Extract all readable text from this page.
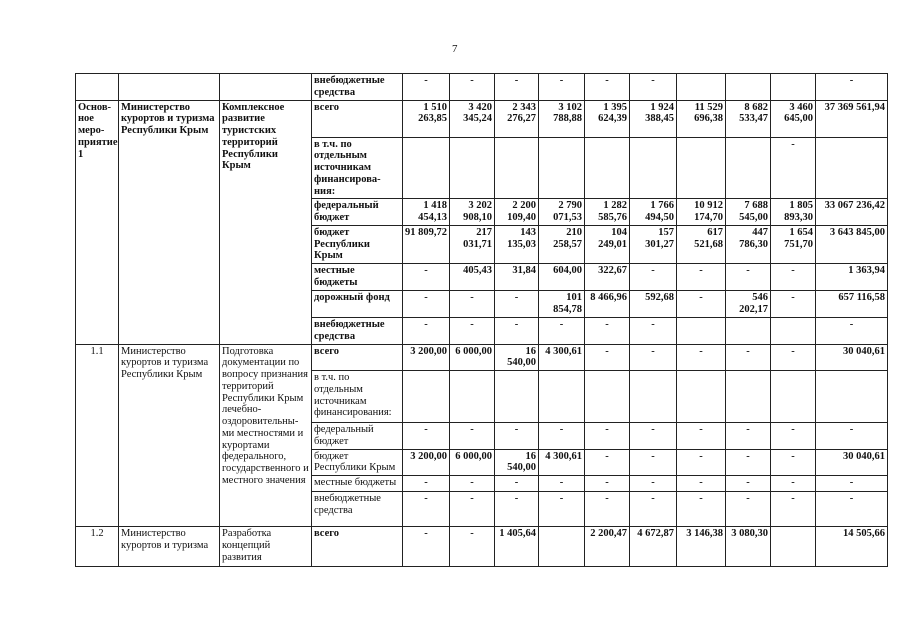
7
			внебюджетные средства	-	-	-	-	-	-				-
Основ-ное меро-приятие 1	Министерство курортов и туризма Республики Крым	Комплексное развитие туристских территорий Республики Крым	всего	1 510 263,85	3 420 345,24	2 343 276,27	3 102 788,88	1 395 624,39	1 924 388,45	11 529 696,38	8 682 533,47	3 460 645,00	37 369 561,94
			в т.ч. по отдельным источникам финансирова-ния:									-	
			федеральный бюджет	1 418 454,13	3 202 908,10	2 200 109,40	2 790 071,53	1 282 585,76	1 766 494,50	10 912 174,70	7 688 545,00	1 805 893,30	33 067 236,42
			бюджет Республики Крым	91 809,72	217 031,71	143 135,03	210 258,57	104 249,01	157 301,27	617 521,68	447 786,30	1 654 751,70	3 643 845,00
			местные бюджеты	-	405,43	31,84	604,00	322,67	-	-	-	-	1 363,94
			дорожный фонд	-	-	-	101 854,78	8 466,96	592,68	-	546 202,17	-	657 116,58
			внебюджетные средства	-	-	-	-	-	-				-
1.1	Министерство курортов и туризма Республики Крым	Подготовка документации по вопросу признания территорий Республики Крым лечебно-оздоровительны-ми местностями и курортами федерального, государственного и местного значения	всего	3 200,00	6 000,00	16 540,00	4 300,61	-	-	-	-	-	30 040,61
			в т.ч. по отдельным источникам финансирования:										
			федеральный бюджет	-	-	-	-	-	-	-	-	-	-
			бюджет Республики Крым	3 200,00	6 000,00	16 540,00	4 300,61	-	-	-	-	-	30 040,61
			местные бюджеты	-	-	-	-	-	-	-	-	-	-
			внебюджетные средства	-	-	-	-	-	-	-	-	-	-
1.2	Министерство курортов и туризма	Разработка концепций развития	всего	-	-	1 405,64		2 200,47	4 672,87	3 146,38	3 080,30		14 505,66
